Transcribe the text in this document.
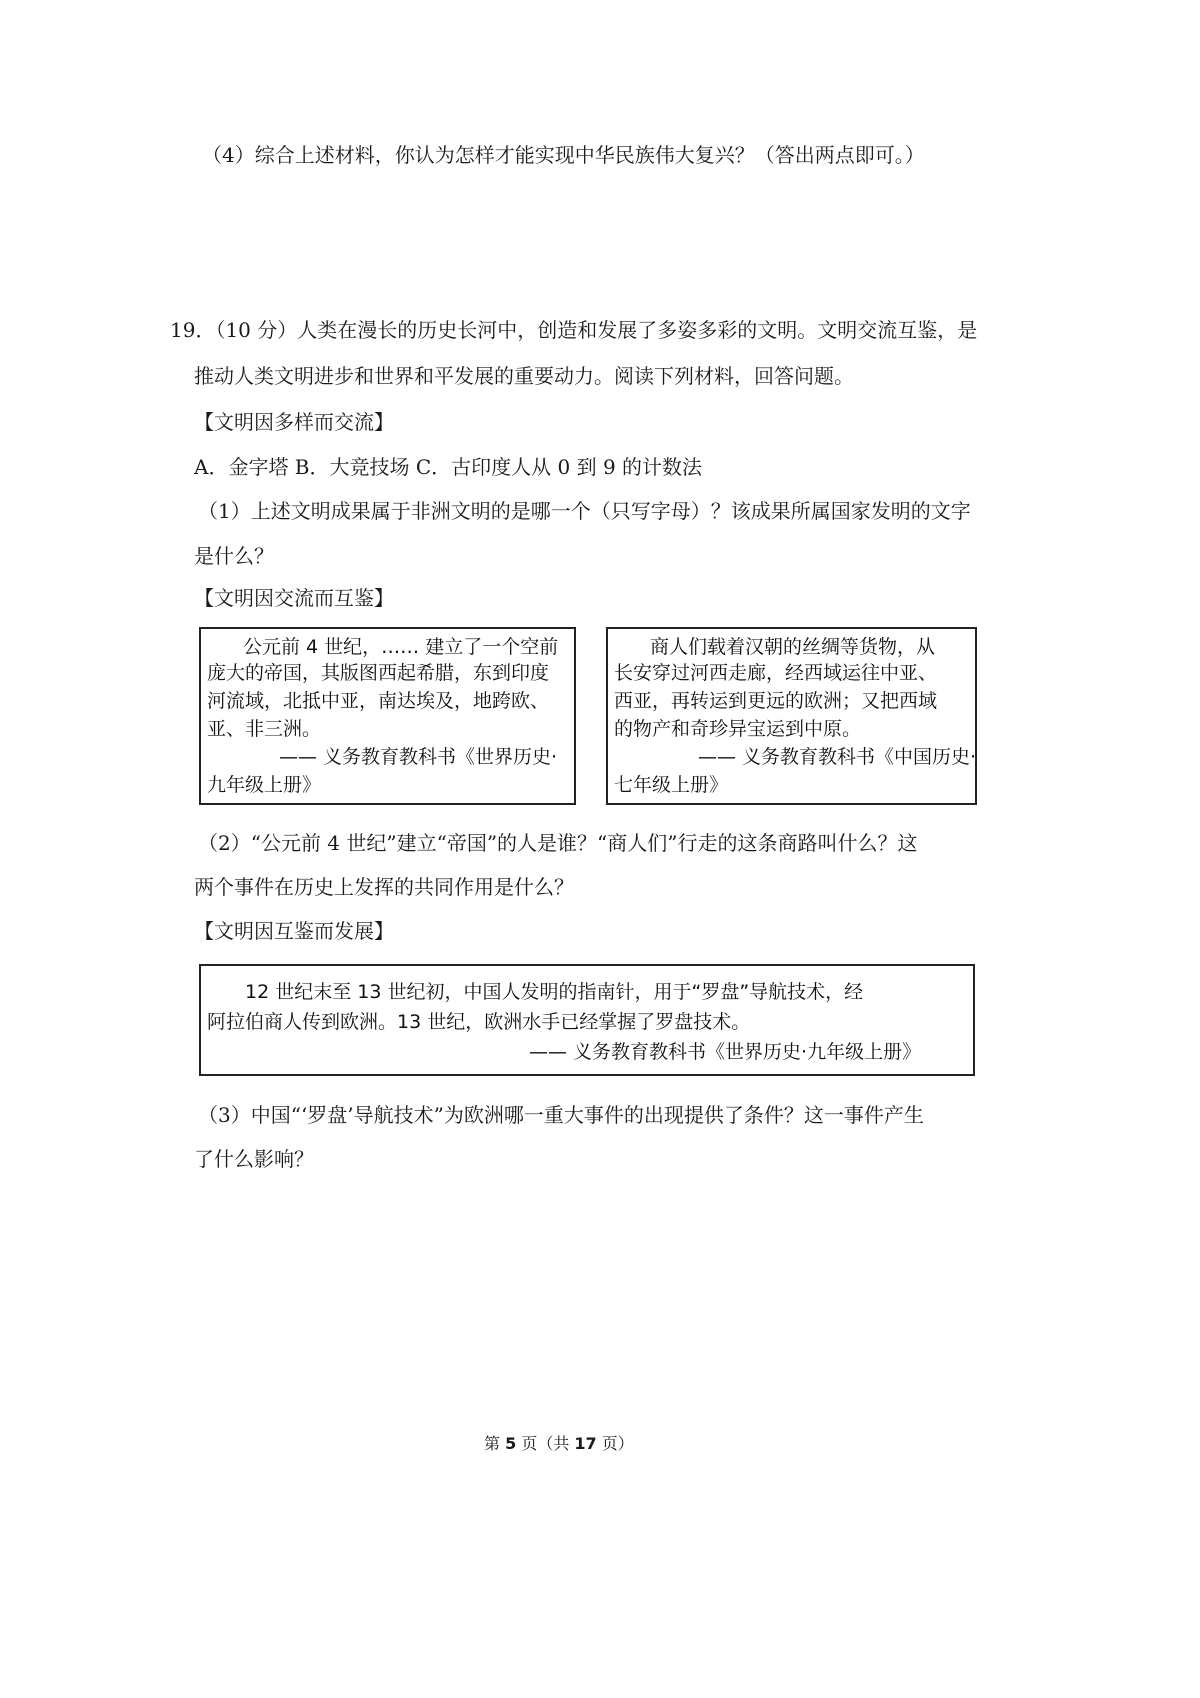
（4）综合上述材料，你认为怎样才能实现中华民族伟大复兴？（答出两点即可。）
19．（10 分）人类在漫长的历史长河中，创造和发展了多姿多彩的文明。文明交流互鉴，是
推动人类文明进步和世界和平发展的重要动力。阅读下列材料，回答问题。
【文明因多样而交流】
A．金字塔 B．大竞技场 C．古印度人从 0 到 9 的计数法
（1）上述文明成果属于非洲文明的是哪一个（只写字母）？该成果所属国家发明的文字
是什么？
【文明因交流而互鉴】
公元前 4 世纪，…… 建立了一个空前
庞大的帝国，其版图西起希腊，东到印度
河流域，北抵中亚，南达埃及，地跨欧、
亚、非三洲。
—— 义务教育教科书《世界历史·
九年级上册》
商人们载着汉朝的丝绸等货物，从
长安穿过河西走廊，经西域运往中亚、
西亚，再转运到更远的欧洲；又把西域
的物产和奇珍异宝运到中原。
—— 义务教育教科书《中国历史·
七年级上册》
（2）“公元前 4 世纪”建立“帝国”的人是谁？“商人们”行走的这条商路叫什么？这
两个事件在历史上发挥的共同作用是什么？
【文明因互鉴而发展】
12 世纪末至 13 世纪初，中国人发明的指南针，用于“罗盘”导航技术，经
阿拉伯商人传到欧洲。13 世纪，欧洲水手已经掌握了罗盘技术。
—— 义务教育教科书《世界历史·九年级上册》
（3）中国“‘罗盘’导航技术”为欧洲哪一重大事件的出现提供了条件？这一事件产生
了什么影响？
第 5 页（共 17 页）
